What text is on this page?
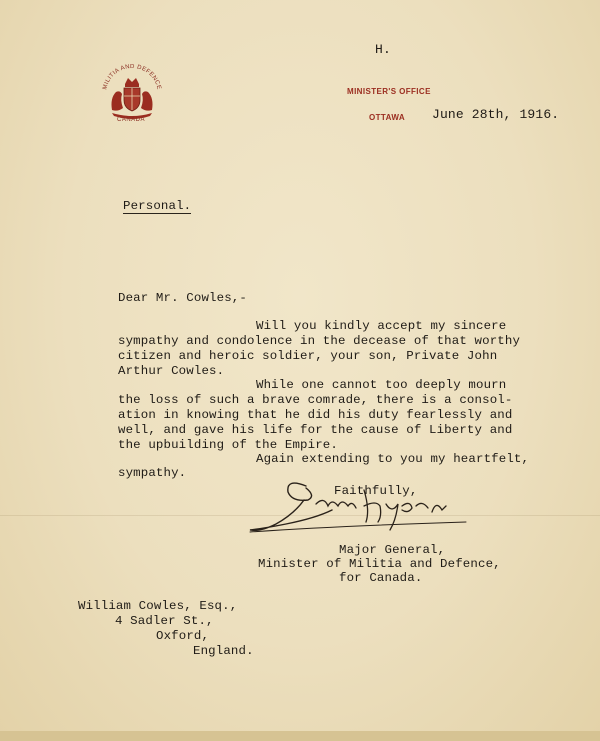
MILITIA AND DEFENCE
CANADA
H.
MINISTER'S OFFICE
OTTAWA June 28th, 1916.
Personal.
Dear Mr. Cowles,-
Will you kindly accept my sincere
sympathy and condolence in the decease of that worthy
citizen and heroic soldier, your son, Private John
Arthur Cowles.
While one cannot too deeply mourn
the loss of such a brave comrade, there is a consol-
ation in knowing that he did his duty fearlessly and
well, and gave his life for the cause of Liberty and
the upbuilding of the Empire.
Again extending to you my heartfelt,
sympathy.
Faithfully,
Major General,
Minister of Militia and Defence,
for Canada.
William Cowles, Esq.,
4 Sadler St.,
Oxford,
England.
